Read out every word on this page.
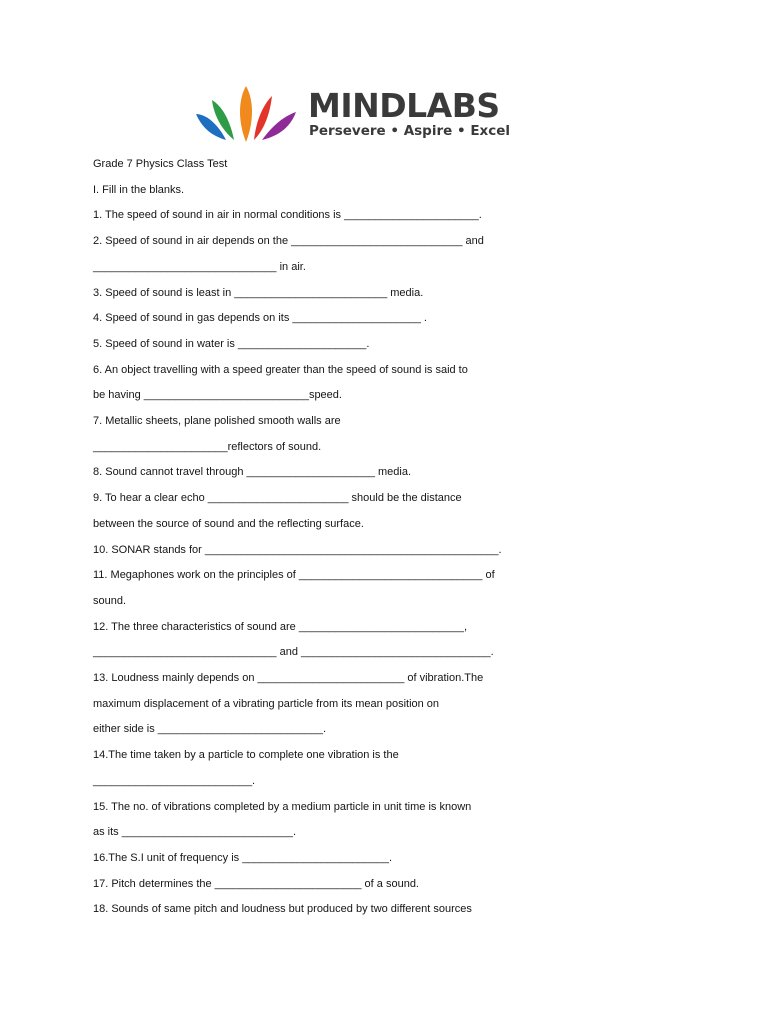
MINDLABS
Persevere • Aspire • Excel

Grade 7 Physics Class Test

I. Fill in the blanks.

1. The speed of sound in air in normal conditions is ______________________.

2. Speed of sound in air depends on the ____________________________ and

______________________________ in air.

3. Speed of sound is least in _________________________ media.

4. Speed of sound in gas depends on its _____________________ .

5. Speed of sound in water is _____________________.

6. An object travelling with a speed greater than the speed of sound is said to

be having ___________________________speed.

7. Metallic sheets, plane polished smooth walls are

______________________reflectors of sound.

8. Sound cannot travel through _____________________ media.

9. To hear a clear echo _______________________ should be the distance

between the source of sound and the reflecting surface.

10. SONAR stands for ________________________________________________.

11. Megaphones work on the principles of ______________________________ of

sound.

12. The three characteristics of sound are ___________________________,

______________________________ and _______________________________.

13. Loudness mainly depends on ________________________ of vibration.The

maximum displacement of a vibrating particle from its mean position on

either side is ___________________________.

14.The time taken by a particle to complete one vibration is the

__________________________.

15. The no. of vibrations completed by a medium particle in unit time is known

as its ____________________________.

16.The S.I unit of frequency is ________________________.

17. Pitch determines the ________________________ of a sound.

18. Sounds of same pitch and loudness but produced by two different sources
